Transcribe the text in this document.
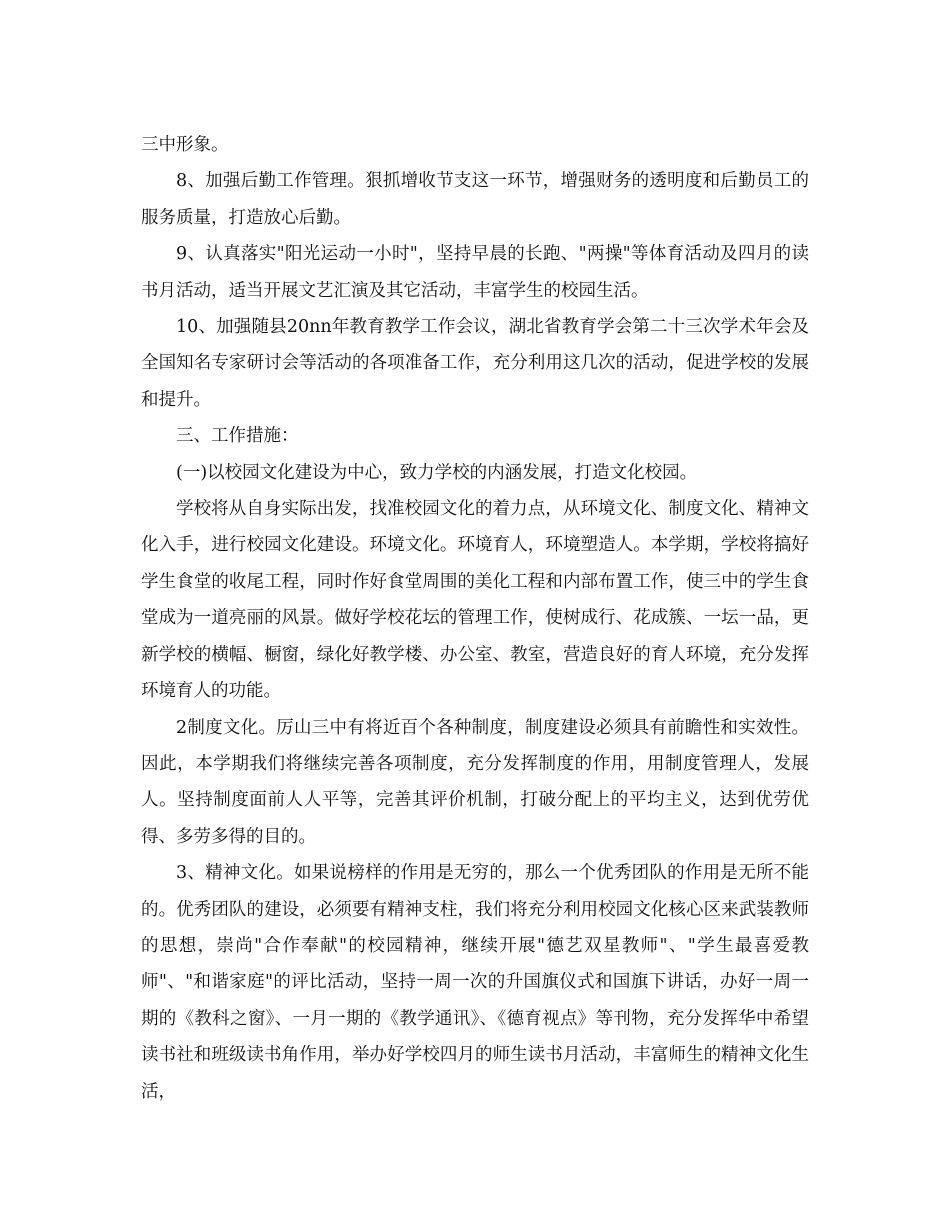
三中形象。

8、加强后勤工作管理。狠抓增收节支这一环节，增强财务的透明度和后勤员工的服务质量，打造放心后勤。

9、认真落实"阳光运动一小时"，坚持早晨的长跑、"两操"等体育活动及四月的读书月活动，适当开展文艺汇演及其它活动，丰富学生的校园生活。

10、加强随县20nn年教育教学工作会议，湖北省教育学会第二十三次学术年会及全国知名专家研讨会等活动的各项准备工作，充分利用这几次的活动，促进学校的发展和提升。

三、工作措施：

(一)以校园文化建设为中心，致力学校的内涵发展，打造文化校园。

学校将从自身实际出发，找准校园文化的着力点，从环境文化、制度文化、精神文化入手，进行校园文化建设。环境文化。环境育人，环境塑造人。本学期，学校将搞好学生食堂的收尾工程，同时作好食堂周围的美化工程和内部布置工作，使三中的学生食堂成为一道亮丽的风景。做好学校花坛的管理工作，使树成行、花成簇、一坛一品，更新学校的横幅、橱窗，绿化好教学楼、办公室、教室，营造良好的育人环境，充分发挥环境育人的功能。

2制度文化。厉山三中有将近百个各种制度，制度建设必须具有前瞻性和实效性。因此，本学期我们将继续完善各项制度，充分发挥制度的作用，用制度管理人，发展人。坚持制度面前人人平等，完善其评价机制，打破分配上的平均主义，达到优劳优得、多劳多得的目的。

3、精神文化。如果说榜样的作用是无穷的，那么一个优秀团队的作用是无所不能的。优秀团队的建设，必须要有精神支柱，我们将充分利用校园文化核心区来武装教师的思想，崇尚"合作奉献"的校园精神，继续开展"德艺双星教师"、"学生最喜爱教师"、"和谐家庭"的评比活动，坚持一周一次的升国旗仪式和国旗下讲话，办好一周一期的《教科之窗》、一月一期的《教学通讯》、《德育视点》等刊物，充分发挥华中希望读书社和班级读书角作用，举办好学校四月的师生读书月活动，丰富师生的精神文化生活，
